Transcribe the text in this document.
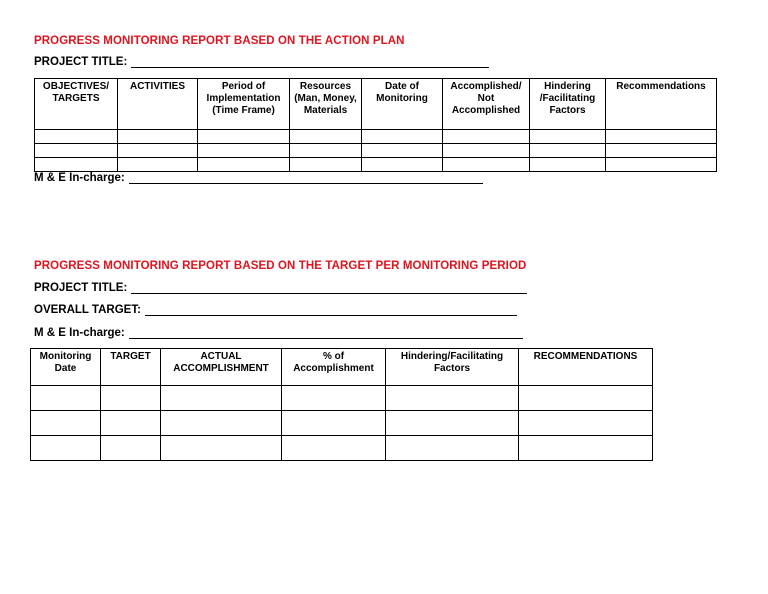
PROGRESS MONITORING REPORT BASED ON THE ACTION PLAN
PROJECT TITLE:
OBJECTIVES/ TARGETS	ACTIVITIES	Period of Implementation (Time Frame)	Resources (Man, Money, Materials	Date of Monitoring	Accomplished/ Not Accomplished	Hindering /Facilitating Factors	Recommendations

M & E In-charge:
PROGRESS MONITORING REPORT BASED ON THE TARGET PER MONITORING PERIOD
PROJECT TITLE:
OVERALL TARGET:
M & E In-charge:
Monitoring Date	TARGET	ACTUAL ACCOMPLISHMENT	% of Accomplishment	Hindering/Facilitating Factors	RECOMMENDATIONS
